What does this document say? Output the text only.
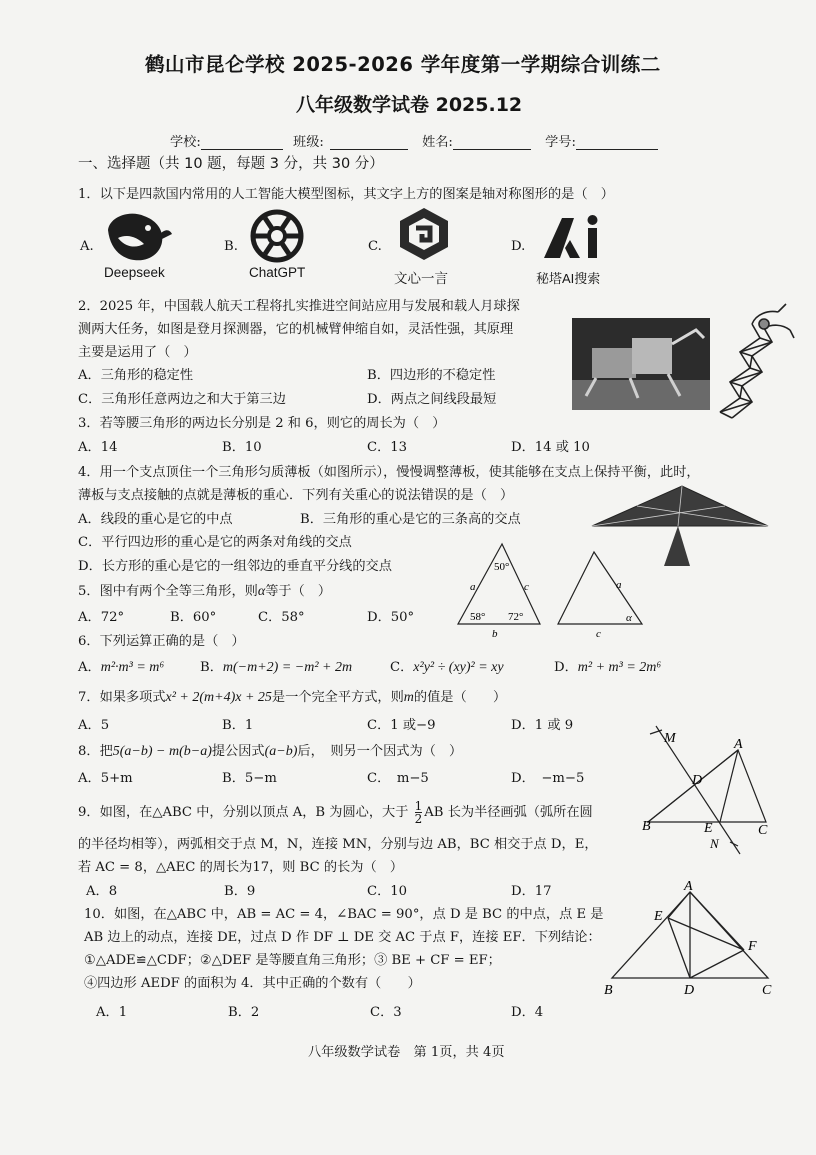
鹤山市昆仑学校 2025-2026 学年度第一学期综合训练二
八年级数学试卷 2025.12
学校:	班级:	姓名:	学号:
一、选择题（共 10 题，每题 3 分，共 30 分）
1．以下是四款国内常用的人工智能大模型图标，其文字上方的图案是轴对称图形的是（　）
A.
Deepseek
B.
ChatGPT
C.
文心一言
D.
秘塔AI搜索
2．2025 年，中国载人航天工程将扎实推进空间站应用与发展和载人月球探
测两大任务，如图是登月探测器，它的机械臂伸缩自如，灵活性强，其原理
主要是运用了（　）
A．三角形的稳定性	B．四边形的不稳定性
C．三角形任意两边之和大于第三边	D．两点之间线段最短
3．若等腰三角形的两边长分别是 2 和 6，则它的周长为（　）
A．14	B．10	C．13	D．14 或 10
4．用一个支点顶住一个三角形匀质薄板（如图所示），慢慢调整薄板，使其能够在支点上保持平衡，此时，
薄板与支点接触的点就是薄板的重心．下列有关重心的说法错误的是（　）
A．线段的重心是它的中点	B．三角形的重心是它的三条高的交点
C．平行四边形的重心是它的两条对角线的交点
D．长方形的重心是它的一组邻边的垂直平分线的交点
5．图中有两个全等三角形，则α等于（　）
A．72°	B．60°	C．58°	D．50°
50°
58° 72°
a	c
b
a
c
α
6．下列运算正确的是（　）
A．m²·m³ = m⁶	B．m(−m+2) = −m² + 2m	C．x²y² ÷ (xy)² = xy	D．m² + m³ = 2m⁶
7．如果多项式x² + 2(m+4)x + 25是一个完全平方式，则m的值是（　　）
A．5	B．1	C．1 或−9	D．1 或 9
8．把5(a−b) − m(b−a)提公因式(a−b)后，　则另一个因式为（　）
A．5+m	B．5−m	C．　m−5	D．　−m−5
M	A
D
B	E	C
N
9．如图，在△ABC 中，分别以顶点 A，B 为圆心，大于 $\frac{1}{2}$ AB 长为半径画弧（弧所在圆
的半径均相等），两弧相交于点 M，N，连接 MN，分别与边 AB，BC 相交于点 D，E，
若 AC = 8，△AEC 的周长为17，则 BC 的长为（　）
A．8	B．9	C．10	D．17
10．如图，在△ABC 中，AB = AC = 4，∠BAC = 90°，点 D 是 BC 的中点，点 E 是
AB 边上的动点，连接 DE，过点 D 作 DF ⊥ DE 交 AC 于点 F，连接 EF．下列结论：
①△ADE≌△CDF；②△DEF 是等腰直角三角形；③ BE + CF = EF；
④四边形 AEDF 的面积为 4．其中正确的个数有（　　）
A．1	B．2	C．3	D．4
A
E
F
B	D	C
八年级数学试卷　第 1页，共 4页
